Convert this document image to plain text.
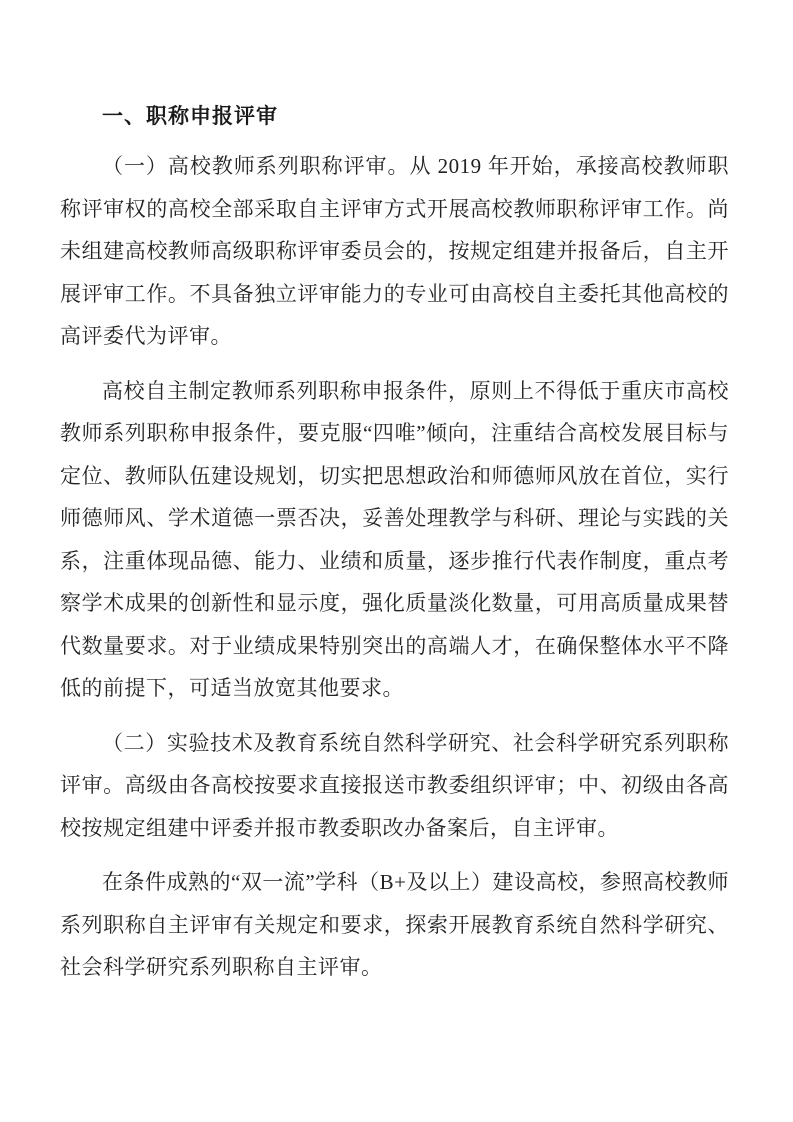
一、职称申报评审

（一）高校教师系列职称评审。从 2019 年开始，承接高校教师职称评审权的高校全部采取自主评审方式开展高校教师职称评审工作。尚未组建高校教师高级职称评审委员会的，按规定组建并报备后，自主开展评审工作。不具备独立评审能力的专业可由高校自主委托其他高校的高评委代为评审。

高校自主制定教师系列职称申报条件，原则上不得低于重庆市高校教师系列职称申报条件，要克服“四唯”倾向，注重结合高校发展目标与定位、教师队伍建设规划，切实把思想政治和师德师风放在首位，实行师德师风、学术道德一票否决，妥善处理教学与科研、理论与实践的关系，注重体现品德、能力、业绩和质量，逐步推行代表作制度，重点考察学术成果的创新性和显示度，强化质量淡化数量，可用高质量成果替代数量要求。对于业绩成果特别突出的高端人才，在确保整体水平不降低的前提下，可适当放宽其他要求。

（二）实验技术及教育系统自然科学研究、社会科学研究系列职称评审。高级由各高校按要求直接报送市教委组织评审；中、初级由各高校按规定组建中评委并报市教委职改办备案后，自主评审。

在条件成熟的“双一流”学科（B+及以上）建设高校，参照高校教师系列职称自主评审有关规定和要求，探索开展教育系统自然科学研究、社会科学研究系列职称自主评审。
